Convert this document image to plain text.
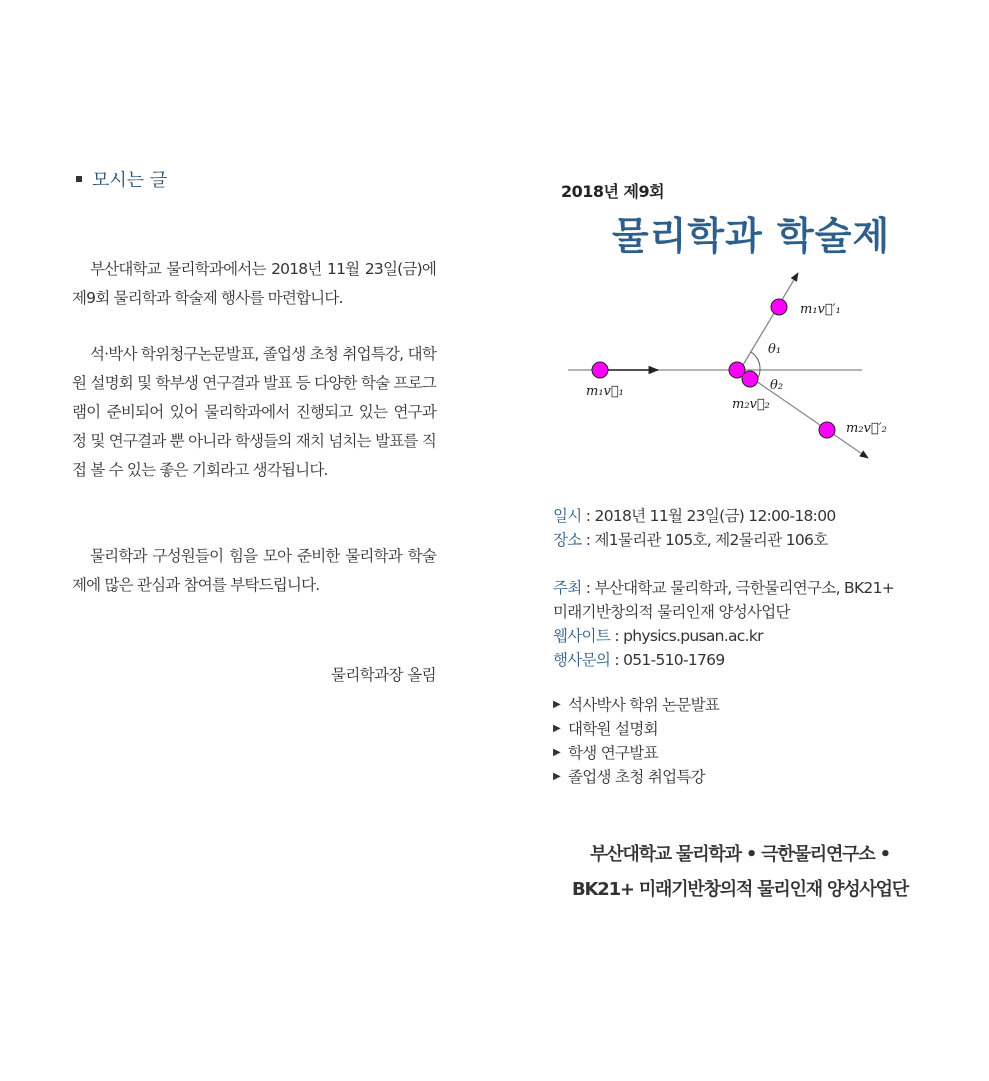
모시는 글

부산대학교 물리학과에서는 2018년 11월 23일(금)에 제9회 물리학과 학술제 행사를 마련합니다.

석·박사 학위청구논문발표, 졸업생 초청 취업특강, 대학원 설명회 및 학부생 연구결과 발표 등 다양한 학술 프로그램이 준비되어 있어 물리학과에서 진행되고 있는 연구과정 및 연구결과 뿐 아니라 학생들의 재치 넘치는 발표를 직접 볼 수 있는 좋은 기회라고 생각됩니다.

물리학과 구성원들이 힘을 모아 준비한 물리학과 학술제에 많은 관심과 참여를 부탁드립니다.

물리학과장 올림
2018년 제9회
물리학과 학술제
m₁v⃗₁
m₁v⃗′₁
m₂v⃗₂
m₂v⃗′₂
θ₁
θ₂
일시 : 2018년 11월 23일(금) 12:00-18:00
장소 : 제1물리관 105호, 제2물리관 106호
주최 : 부산대학교 물리학과, 극한물리연구소, BK21+
미래기반창의적 물리인재 양성사업단
웹사이트 : physics.pusan.ac.kr
행사문의 : 051-510-1769
▶ 석사박사 학위 논문발표
▶ 대학원 설명회
▶ 학생 연구발표
▶ 졸업생 초청 취업특강
부산대학교 물리학과 • 극한물리연구소 •
BK21+ 미래기반창의적 물리인재 양성사업단
